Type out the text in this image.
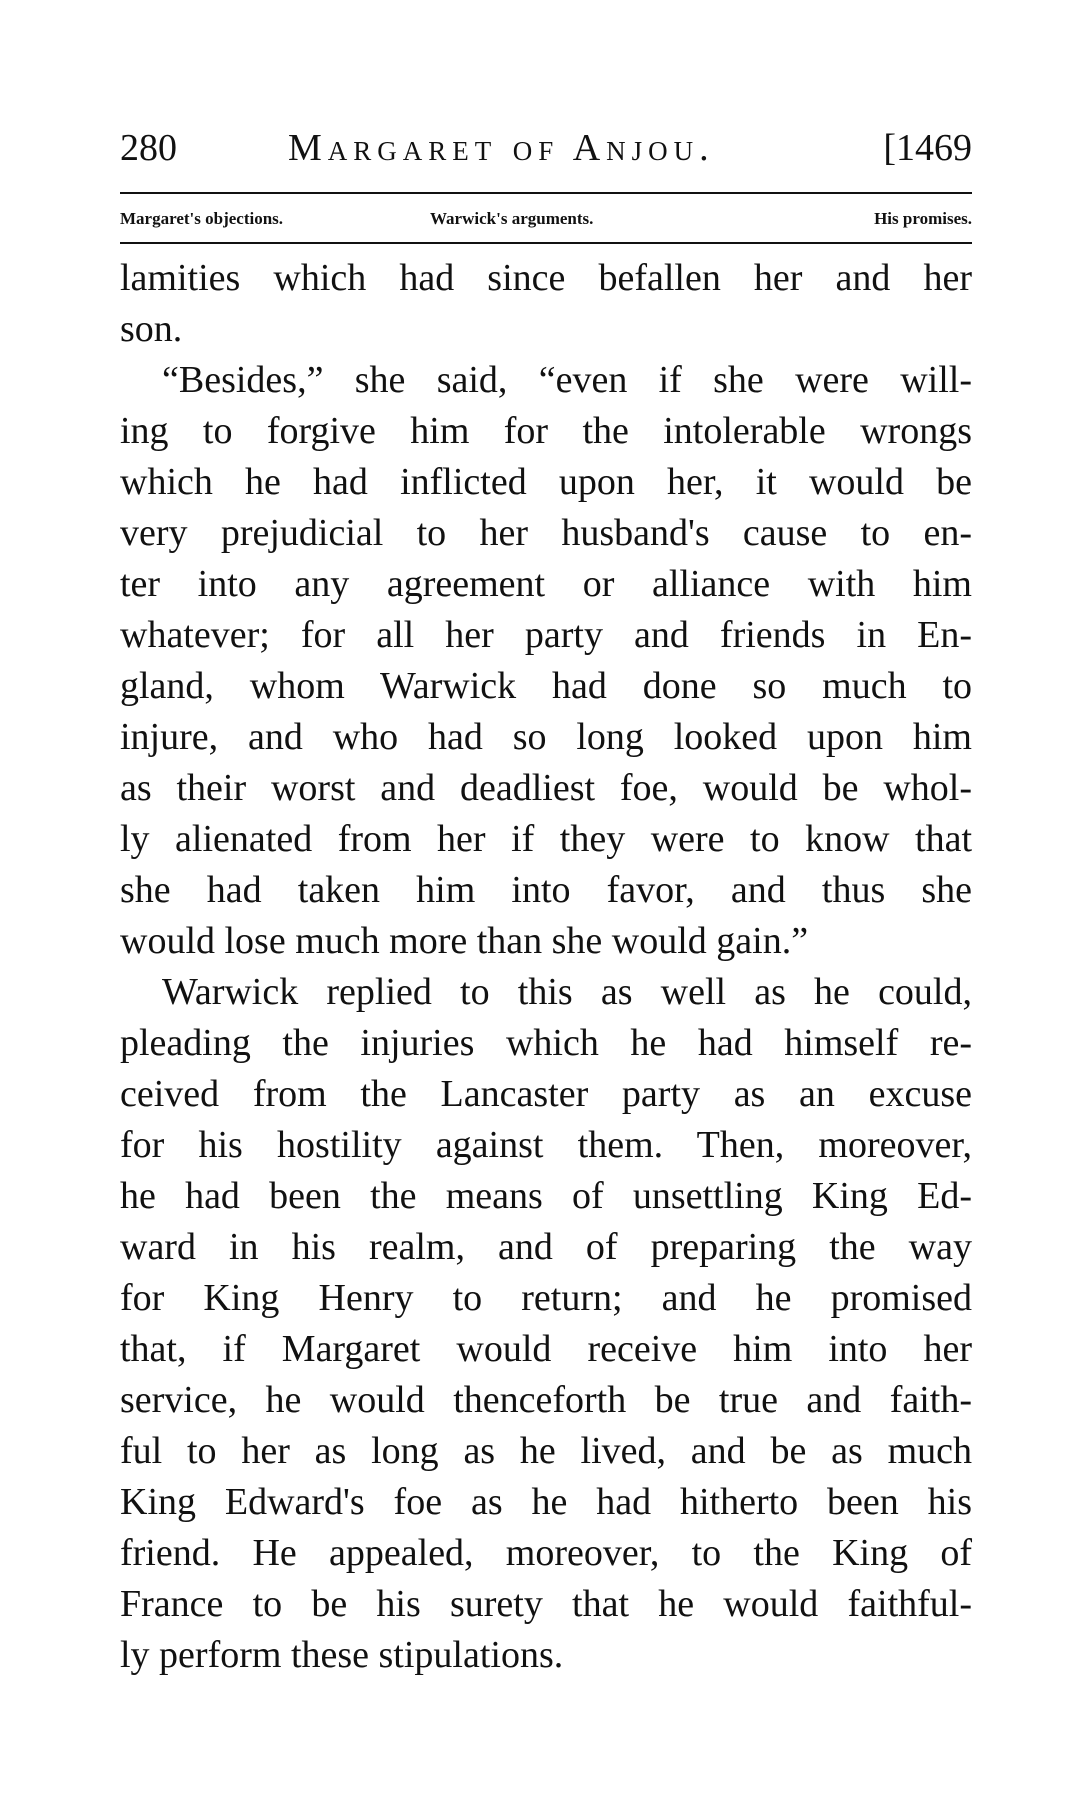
280	Margaret of Anjou.	[1469
Margaret's objections.	Warwick's arguments.	His promises.
lamities which had since befallen her and her
son.
“Besides,” she said, “even if she were will-
ing to forgive him for the intolerable wrongs
which he had inflicted upon her, it would be
very prejudicial to her husband's cause to en-
ter into any agreement or alliance with him
whatever; for all her party and friends in En-
gland, whom Warwick had done so much to
injure, and who had so long looked upon him
as their worst and deadliest foe, would be whol-
ly alienated from her if they were to know that
she had taken him into favor, and thus she
would lose much more than she would gain.”
Warwick replied to this as well as he could,
pleading the injuries which he had himself re-
ceived from the Lancaster party as an excuse
for his hostility against them. Then, moreover,
he had been the means of unsettling King Ed-
ward in his realm, and of preparing the way
for King Henry to return; and he promised
that, if Margaret would receive him into her
service, he would thenceforth be true and faith-
ful to her as long as he lived, and be as much
King Edward's foe as he had hitherto been his
friend. He appealed, moreover, to the King of
France to be his surety that he would faithful-
ly perform these stipulations.
